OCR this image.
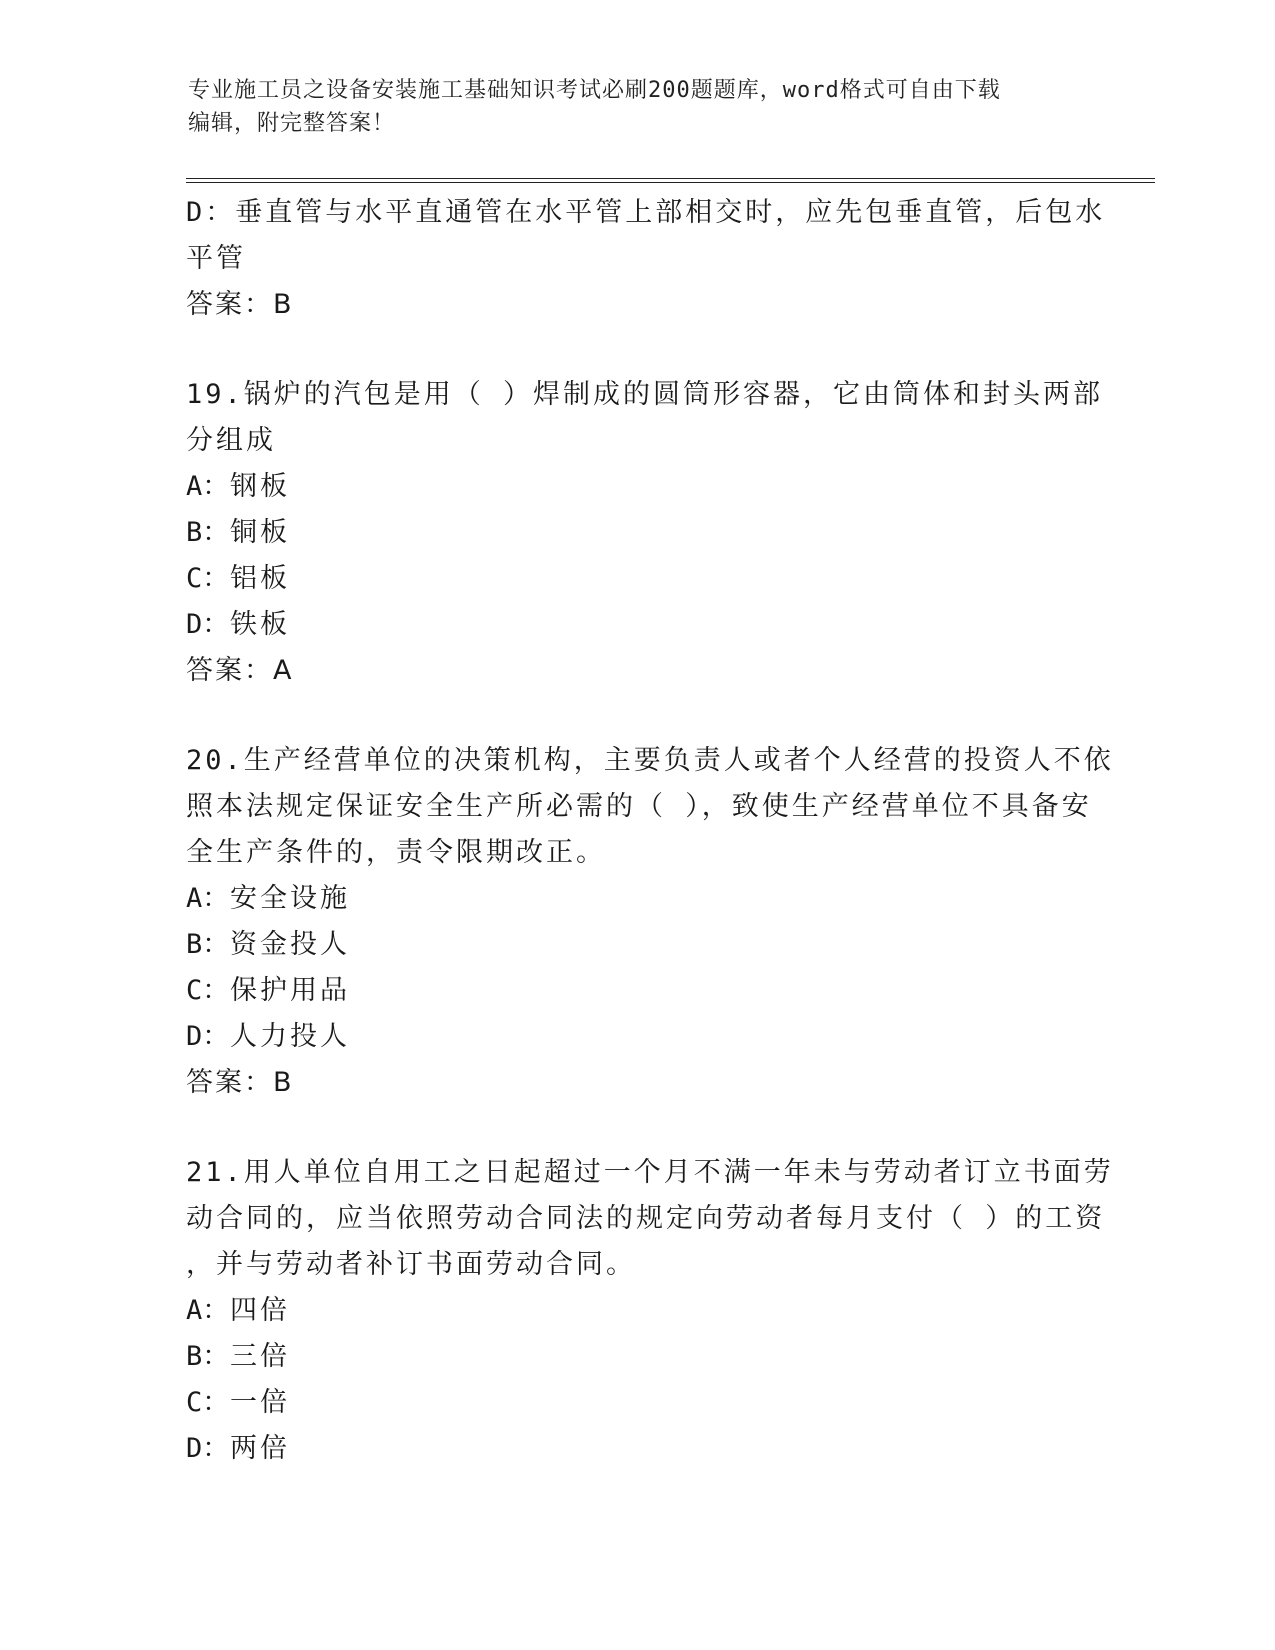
专业施工员之设备安装施工基础知识考试必刷200题题库，word格式可自由下载
编辑，附完整答案！
D：垂直管与水平直通管在水平管上部相交时，应先包垂直管，后包水
平管
答案：B
19.锅炉的汽包是用（ ）焊制成的圆筒形容器，它由筒体和封头两部
分组成
A：钢板
B：铜板
C：铝板
D：铁板
答案：A
20.生产经营单位的决策机构，主要负责人或者个人经营的投资人不依
照本法规定保证安全生产所必需的（ ），致使生产经营单位不具备安
全生产条件的，责令限期改正。
A：安全设施
B：资金投人
C：保护用品
D：人力投人
答案：B
21.用人单位自用工之日起超过一个月不满一年未与劳动者订立书面劳
动合同的，应当依照劳动合同法的规定向劳动者每月支付（ ）的工资
，并与劳动者补订书面劳动合同。
A：四倍
B：三倍
C：一倍
D：两倍
